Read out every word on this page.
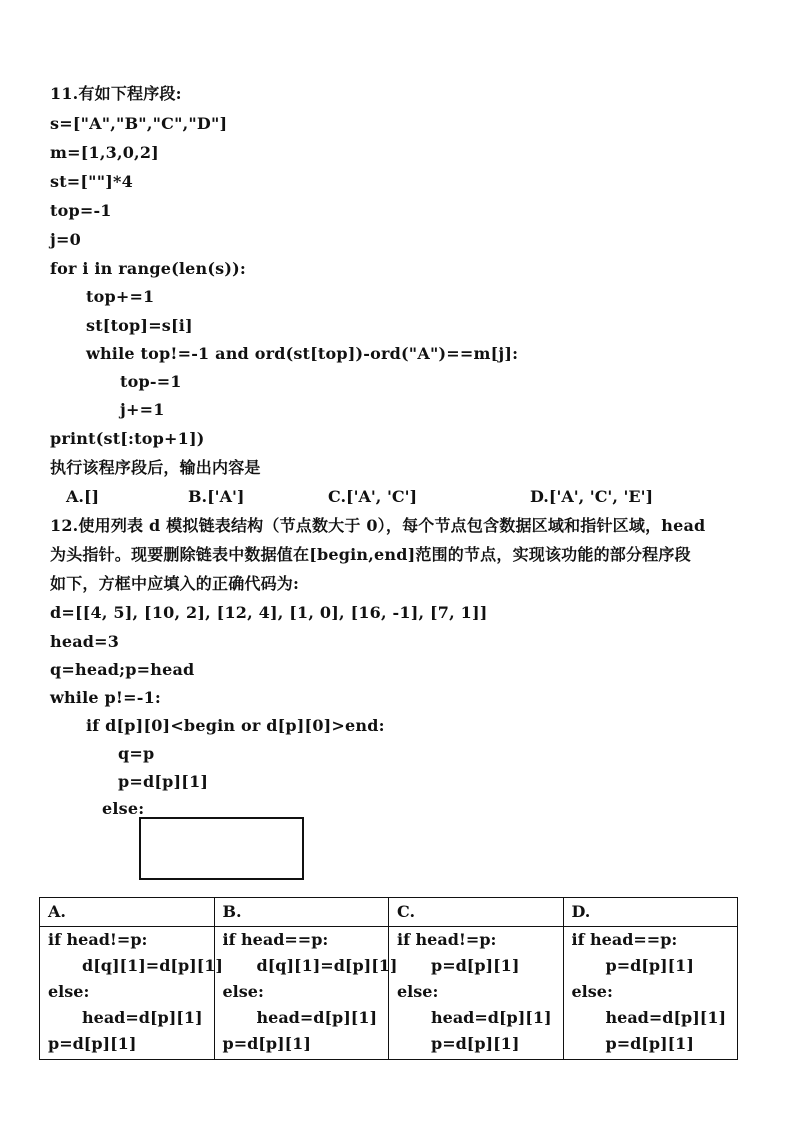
11.有如下程序段:
s=["A","B","C","D"]
m=[1,3,0,2]
st=[""]*4
top=-1
j=0
for i in range(len(s)):
top+=1
st[top]=s[i]
while top!=-1 and ord(st[top])-ord("A")==m[j]:
top-=1
j+=1
print(st[:top+1])
执行该程序段后，输出内容是
A.[]	B.['A']	C.['A', 'C']	D.['A', 'C', 'E']
12.使用列表 d 模拟链表结构（节点数大于 0），每个节点包含数据区域和指针区域，head
为头指针。现要删除链表中数据值在[begin,end]范围的节点，实现该功能的部分程序段
如下，方框中应填入的正确代码为:
d=[[4, 5], [10, 2], [12, 4], [1, 0], [16, -1], [7, 1]]
head=3
q=head;p=head
while p!=-1:
if d[p][0]<begin or d[p][0]>end:
q=p
p=d[p][1]
else:
A.	B.	C.	D.

if head!=p:
d[q][1]=d[p][1]
else:
head=d[p][1]
p=d[p][1]	if head==p:
d[q][1]=d[p][1]
else:
head=d[p][1]
p=d[p][1]	if head!=p:
p=d[p][1]
else:
head=d[p][1]
p=d[p][1]	if head==p:
p=d[p][1]
else:
head=d[p][1]
p=d[p][1]
